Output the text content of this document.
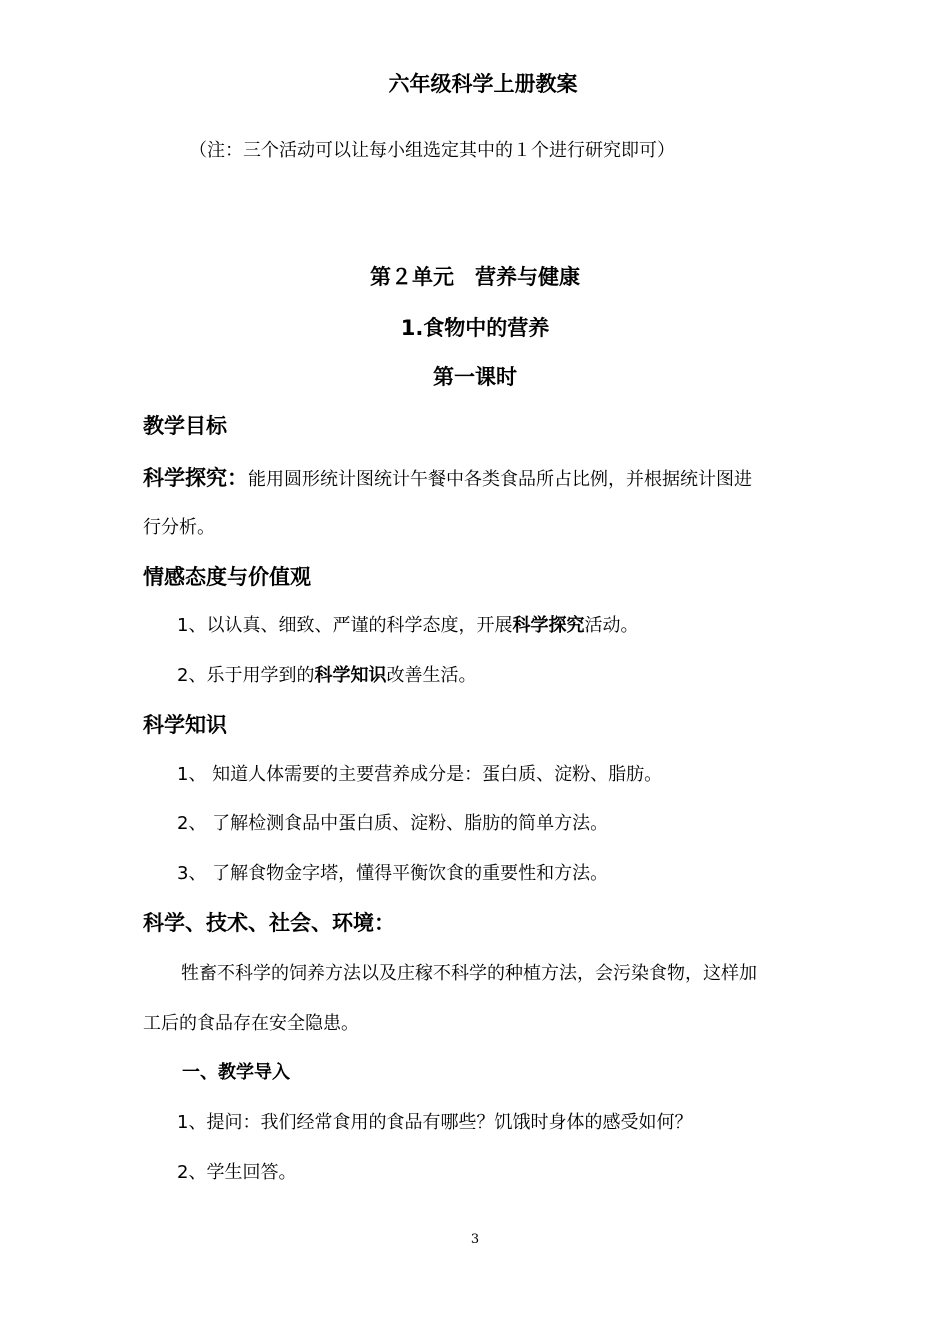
六年级科学上册教案
（注：三个活动可以让每小组选定其中的１个进行研究即可）
第２单元　营养与健康
1.食物中的营养
第一课时
教学目标
科学探究：能用圆形统计图统计午餐中各类食品所占比例，并根据统计图进
行分析。
情感态度与价值观
1、以认真、细致、严谨的科学态度，开展科学探究活动。
2、乐于用学到的科学知识改善生活。
科学知识
1、 知道人体需要的主要营养成分是：蛋白质、淀粉、脂肪。
2、 了解检测食品中蛋白质、淀粉、脂肪的简单方法。
3、 了解食物金字塔，懂得平衡饮食的重要性和方法。
科学、技术、社会、环境：
牲畜不科学的饲养方法以及庄稼不科学的种植方法，会污染食物，这样加
工后的食品存在安全隐患。
一、教学导入
1、提问：我们经常食用的食品有哪些？饥饿时身体的感受如何？
2、学生回答。
3
